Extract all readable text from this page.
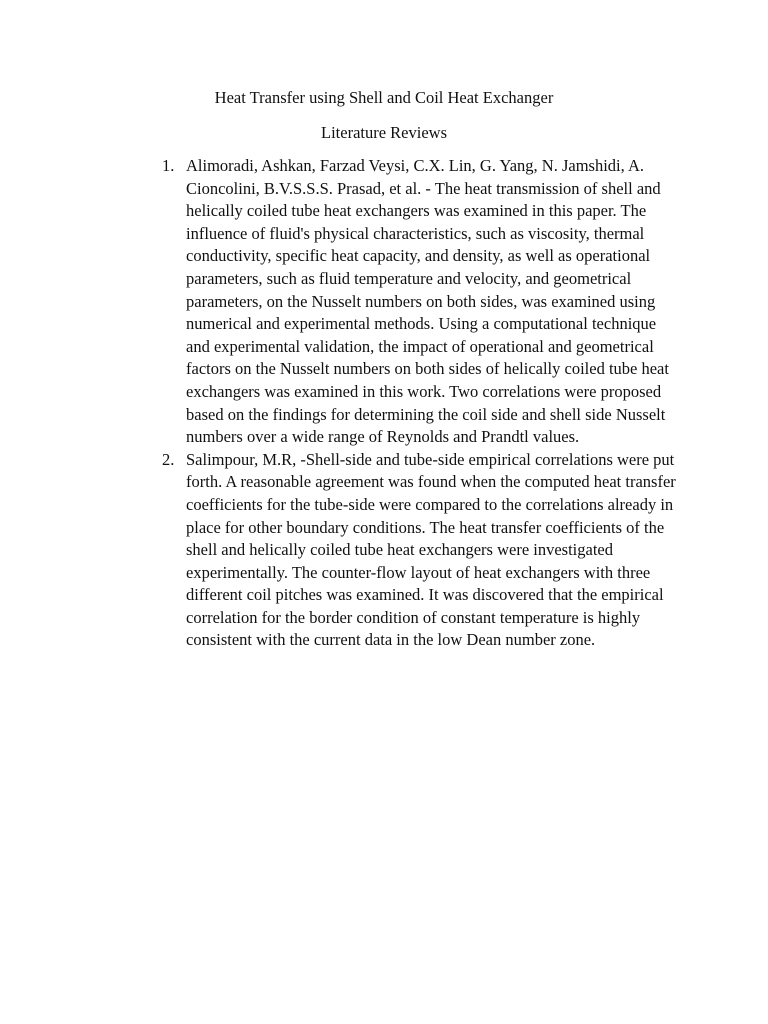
Heat Transfer using Shell and Coil Heat Exchanger
Literature Reviews
1. Alimoradi, Ashkan, Farzad Veysi, C.X. Lin, G. Yang, N. Jamshidi, A. Cioncolini, B.V.S.S.S. Prasad, et al. - The heat transmission of shell and helically coiled tube heat exchangers was examined in this paper. The influence of fluid's physical characteristics, such as viscosity, thermal conductivity, specific heat capacity, and density, as well as operational parameters, such as fluid temperature and velocity, and geometrical parameters, on the Nusselt numbers on both sides, was examined using numerical and experimental methods. Using a computational technique and experimental validation, the impact of operational and geometrical factors on the Nusselt numbers on both sides of helically coiled tube heat exchangers was examined in this work. Two correlations were proposed based on the findings for determining the coil side and shell side Nusselt numbers over a wide range of Reynolds and Prandtl values.
2. Salimpour, M.R, -Shell-side and tube-side empirical correlations were put forth. A reasonable agreement was found when the computed heat transfer coefficients for the tube-side were compared to the correlations already in place for other boundary conditions. The heat transfer coefficients of the shell and helically coiled tube heat exchangers were investigated experimentally. The counter-flow layout of heat exchangers with three different coil pitches was examined. It was discovered that the empirical correlation for the border condition of constant temperature is highly consistent with the current data in the low Dean number zone.
